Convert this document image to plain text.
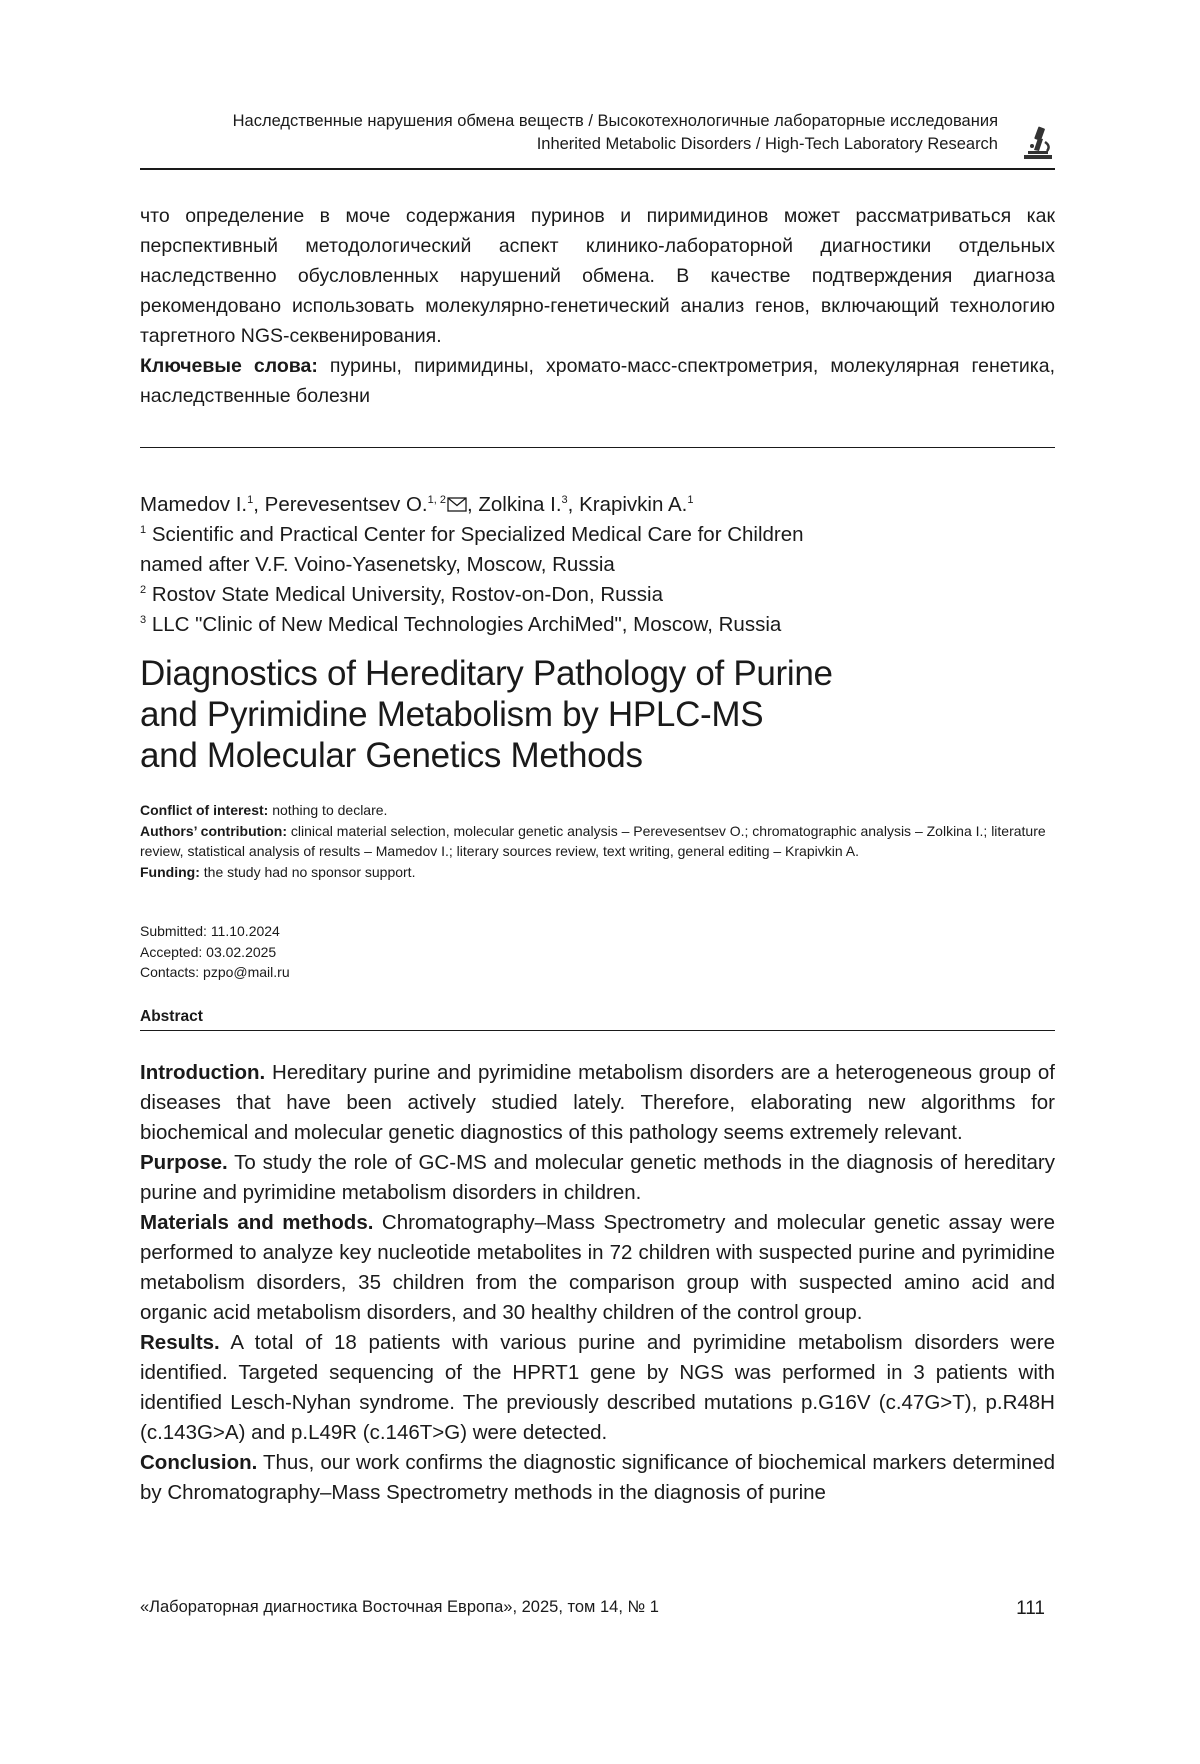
Наследственные нарушения обмена веществ / Высокотехнологичные лабораторные исследования
Inherited Metabolic Disorders / High-Tech Laboratory Research

что определение в моче содержания пуринов и пиримидинов может рассматриваться как перспективный методологический аспект клинико-лабораторной диагностики отдельных наследственно обусловленных нарушений обмена. В качестве подтверждения диагноза рекомендовано использовать молекулярно-генетический анализ генов, включающий технологию таргетного NGS-секвенирования.

Ключевые слова: пурины, пиримидины, хромато-масс-спектрометрия, молекулярная генетика, наследственные болезни

Mamedov I.$^1$, Perevesentsev O.$^{1, 2}$ , Zolkina I.$^3$, Krapivkin A.$^1$

$^1$ Scientific and Practical Center for Specialized Medical Care for Children

named after V.F. Voino-Yasenetsky, Moscow, Russia

$^2$ Rostov State Medical University, Rostov-on-Don, Russia

$^3$ LLC "Clinic of New Medical Technologies ArchiMed", Moscow, Russia

Diagnostics of Hereditary Pathology of Purine
and Pyrimidine Metabolism by HPLC-MS
and Molecular Genetics Methods

Conflict of interest: nothing to declare.

Authors’ contribution: clinical material selection, molecular genetic analysis – Perevesentsev O.; chromatographic analysis – Zolkina I.; literature review, statistical analysis of results – Mamedov I.; literary sources review, text writing, general editing – Krapivkin A.

Funding: the study had no sponsor support.

Submitted: 11.10.2024

Accepted: 03.02.2025

Contacts: pzpo@mail.ru

Abstract

Introduction. Hereditary purine and pyrimidine metabolism disorders are a heterogeneous group of diseases that have been actively studied lately. Therefore, elaborating new algorithms for biochemical and molecular genetic diagnostics of this pathology seems extremely relevant.

Purpose. To study the role of GC-MS and molecular genetic methods in the diagnosis of hereditary purine and pyrimidine metabolism disorders in children.

Materials and methods. Chromatography–Mass Spectrometry and molecular genetic assay were performed to analyze key nucleotide metabolites in 72 children with suspected purine and pyrimidine metabolism disorders, 35 children from the comparison group with suspected amino acid and organic acid metabolism disorders, and 30 healthy children of the control group.

Results. A total of 18 patients with various purine and pyrimidine metabolism disorders were identified. Targeted sequencing of the HPRT1 gene by NGS was performed in 3 patients with identified Lesch-Nyhan syndrome. The previously described mutations p.G16V (c.47G>T), p.R48H (c.143G>A) and p.L49R (c.146T>G) were detected.

Conclusion. Thus, our work confirms the diagnostic significance of biochemical markers determined by Chromatography–Mass Spectrometry methods in the diagnosis of purine

«Лабораторная диагностика Восточная Европа», 2025, том 14, № 1	111
